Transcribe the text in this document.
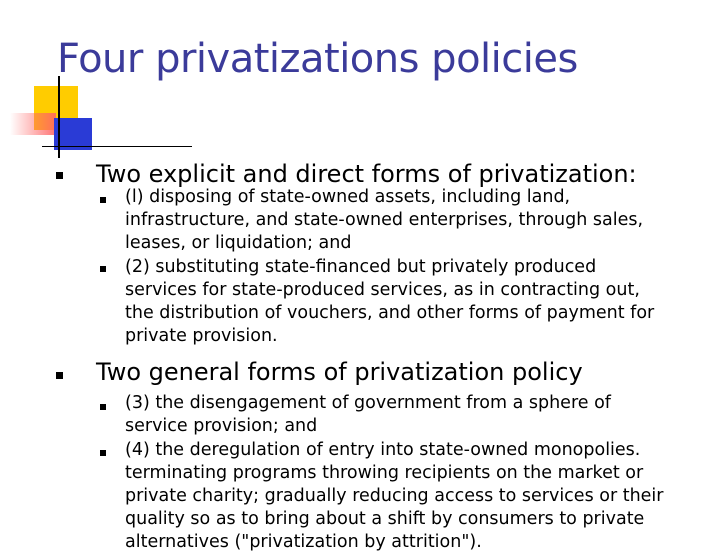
Four privatizations policies
Two explicit and direct forms of privatization:
(l) disposing of state-owned assets, including land,
infrastructure, and state-owned enterprises, through sales,
leases, or liquidation; and
(2) substituting state-financed but privately produced
services for state-produced services, as in contracting out,
the distribution of vouchers, and other forms of payment for
private provision.
Two general forms of privatization policy
(3) the disengagement of government from a sphere of
service provision; and
(4) the deregulation of entry into state-owned monopolies.
terminating programs throwing recipients on the market or
private charity; gradually reducing access to services or their
quality so as to bring about a shift by consumers to private
alternatives ("privatization by attrition").
